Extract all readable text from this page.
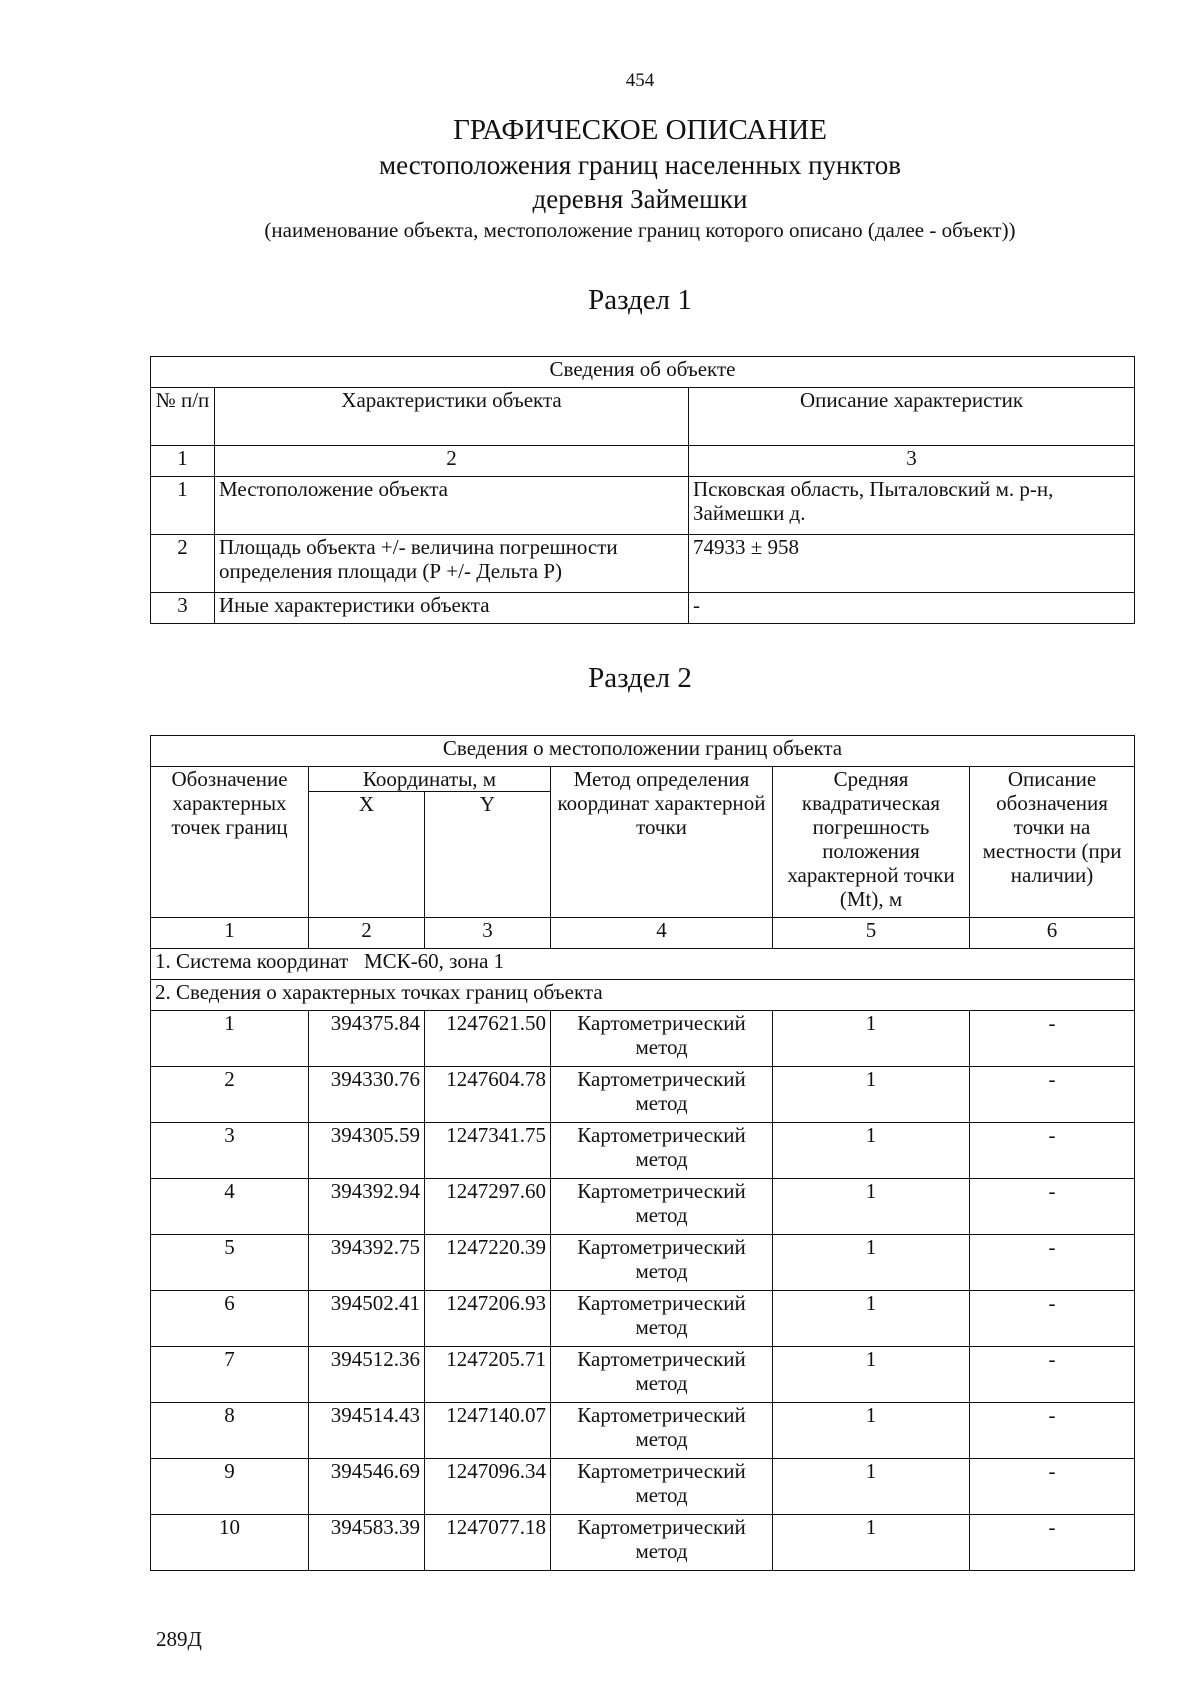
454
ГРАФИЧЕСКОЕ ОПИСАНИЕ
местоположения границ населенных пунктов
деревня Займешки
(наименование объекта, местоположение границ которого описано (далее - объект))
Раздел 1
Сведения об объекте		
№ п/п	Характеристики объекта	Описание характеристик
1	2	3
1	Местоположение объекта	Псковская область, Пыталовский м. р-н, Займешки д.
2	Площадь объекта +/- величина погрешности определения площади (Р +/- Дельта Р)	74933 ± 958
3	Иные характеристики объекта	-
Раздел 2
Сведения о местоположении границ объекта					
Обозначение характерных точек границ	Координаты, м		Метод определения координат характерной точки	Средняя квадратическая погрешность положения характерной точки (Mt), м	Описание обозначения точки на местности (при наличии)
	X	Y			
1	2	3	4	5	6
1. Система координат   МСК-60, зона 1					
2. Сведения о характерных точках границ объекта					
1	394375.84	1247621.50	Картометрический метод	1	-
2	394330.76	1247604.78	Картометрический метод	1	-
3	394305.59	1247341.75	Картометрический метод	1	-
4	394392.94	1247297.60	Картометрический метод	1	-
5	394392.75	1247220.39	Картометрический метод	1	-
6	394502.41	1247206.93	Картометрический метод	1	-
7	394512.36	1247205.71	Картометрический метод	1	-
8	394514.43	1247140.07	Картометрический метод	1	-
9	394546.69	1247096.34	Картометрический метод	1	-
10	394583.39	1247077.18	Картометрический метод	1	-
289Д
